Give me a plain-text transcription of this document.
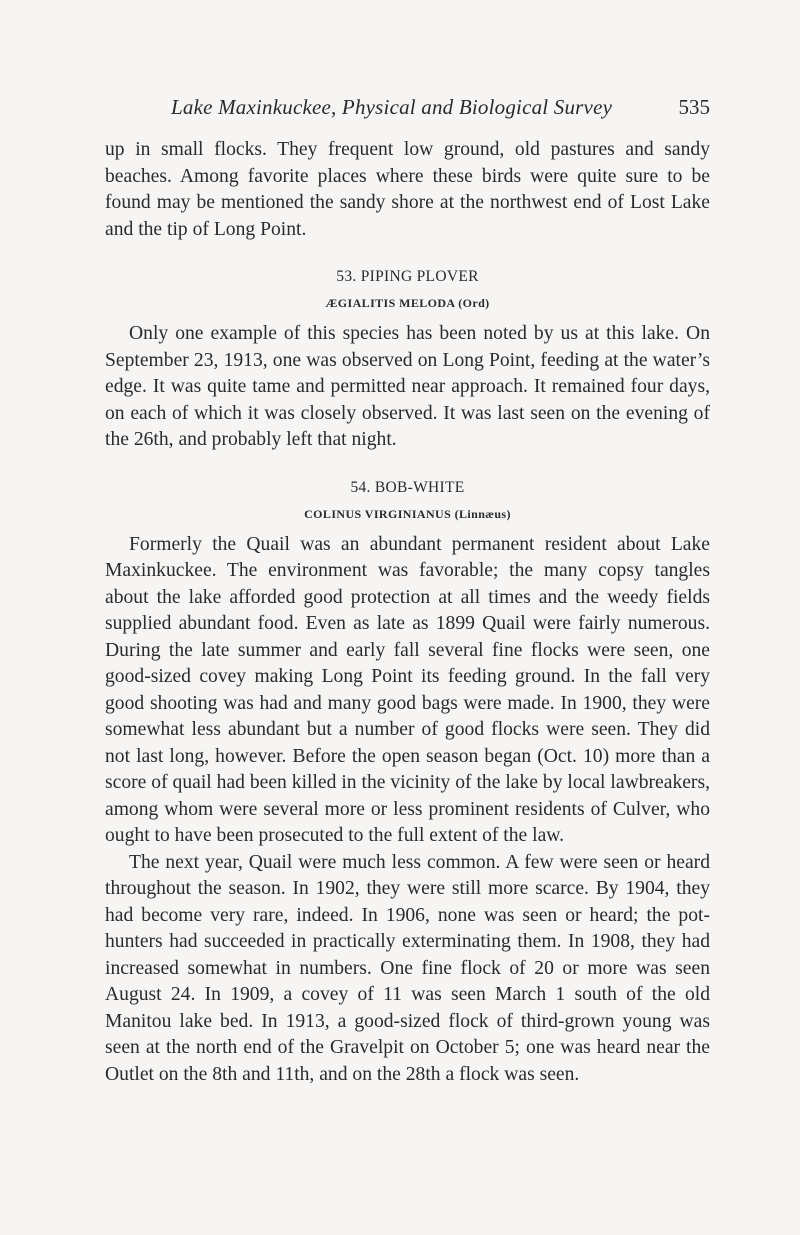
Lake Maxinkuckee, Physical and Biological Survey	535

up in small flocks. They frequent low ground, old pastures and sandy beaches. Among favorite places where these birds were quite sure to be found may be mentioned the sandy shore at the northwest end of Lost Lake and the tip of Long Point.

53. PIPING PLOVER
ÆGIALITIS MELODA (Ord)

Only one example of this species has been noted by us at this lake. On September 23, 1913, one was observed on Long Point, feeding at the water’s edge. It was quite tame and permitted near approach. It remained four days, on each of which it was closely observed. It was last seen on the evening of the 26th, and probably left that night.

54. BOB-WHITE
COLINUS VIRGINIANUS (Linnæus)

Formerly the Quail was an abundant permanent resident about Lake Maxinkuckee. The environment was favorable; the many copsy tangles about the lake afforded good protection at all times and the weedy fields supplied abundant food. Even as late as 1899 Quail were fairly numerous. During the late summer and early fall several fine flocks were seen, one good-sized covey making Long Point its feeding ground. In the fall very good shooting was had and many good bags were made. In 1900, they were somewhat less abundant but a number of good flocks were seen. They did not last long, however. Before the open season began (Oct. 10) more than a score of quail had been killed in the vicinity of the lake by local lawbreakers, among whom were several more or less prominent residents of Culver, who ought to have been prosecuted to the full extent of the law.

The next year, Quail were much less common. A few were seen or heard throughout the season. In 1902, they were still more scarce. By 1904, they had become very rare, indeed. In 1906, none was seen or heard; the pot-hunters had succeeded in practically exterminating them. In 1908, they had increased somewhat in numbers. One fine flock of 20 or more was seen August 24. In 1909, a covey of 11 was seen March 1 south of the old Manitou lake bed. In 1913, a good-sized flock of third-grown young was seen at the north end of the Gravelpit on October 5; one was heard near the Outlet on the 8th and 11th, and on the 28th a flock was seen.
